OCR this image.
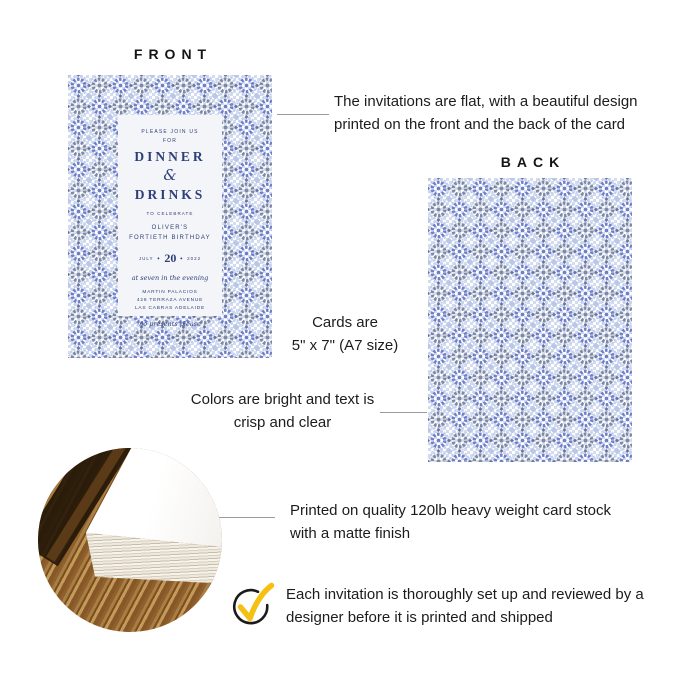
FRONT
PLEASE JOIN US
FOR
DINNER
&
DRINKS
TO CELEBRATE
OLIVER'S
FORTIETH BIRTHDAY
JULY ✦ 20 ✦ 2022
at seven in the evening
MARTIN PALACIOS
428 TERRAZA AVENUE
LAS CABRAS ADELAIDE
no presents please
BACK
The invitations are flat, with a beautiful design
printed on the front and the back of the card
Cards are
5" x 7" (A7 size)
Colors are bright and text is
crisp and clear
Printed on quality 120lb heavy weight card stock
with a matte finish
Each invitation is thoroughly set up and reviewed by a
designer before it is printed and shipped
